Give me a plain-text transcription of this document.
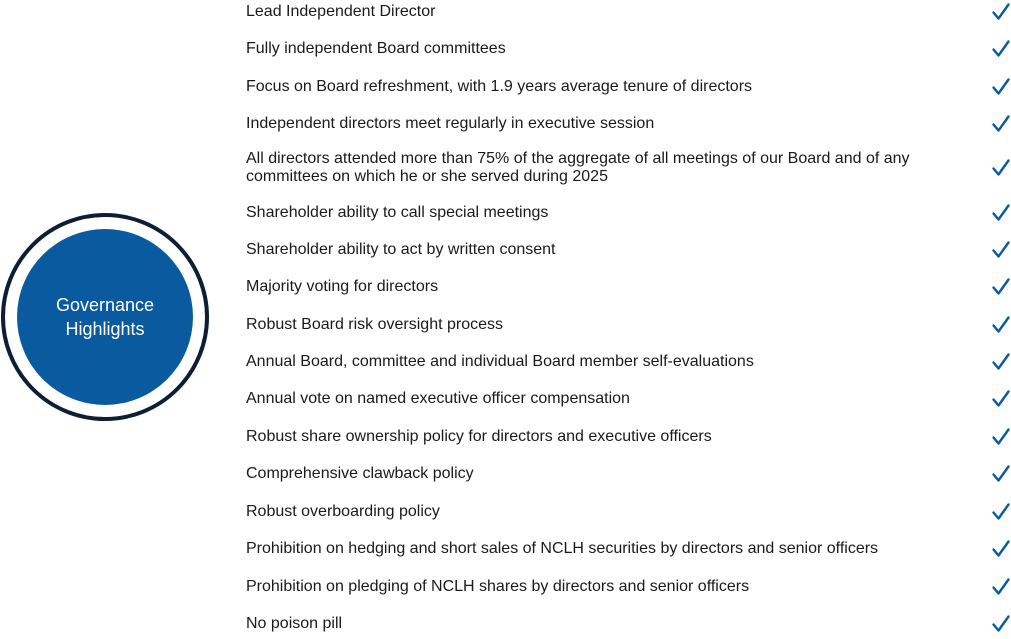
Governance
Highlights
Lead Independent Director
Fully independent Board committees
Focus on Board refreshment, with 1.9 years average tenure of directors
Independent directors meet regularly in executive session
All directors attended more than 75% of the aggregate of all meetings of our Board and of any committees on which he or she served during 2025
Shareholder ability to call special meetings
Shareholder ability to act by written consent
Majority voting for directors
Robust Board risk oversight process
Annual Board, committee and individual Board member self-evaluations
Annual vote on named executive officer compensation
Robust share ownership policy for directors and executive officers
Comprehensive clawback policy
Robust overboarding policy
Prohibition on hedging and short sales of NCLH securities by directors and senior officers
Prohibition on pledging of NCLH shares by directors and senior officers
No poison pill
